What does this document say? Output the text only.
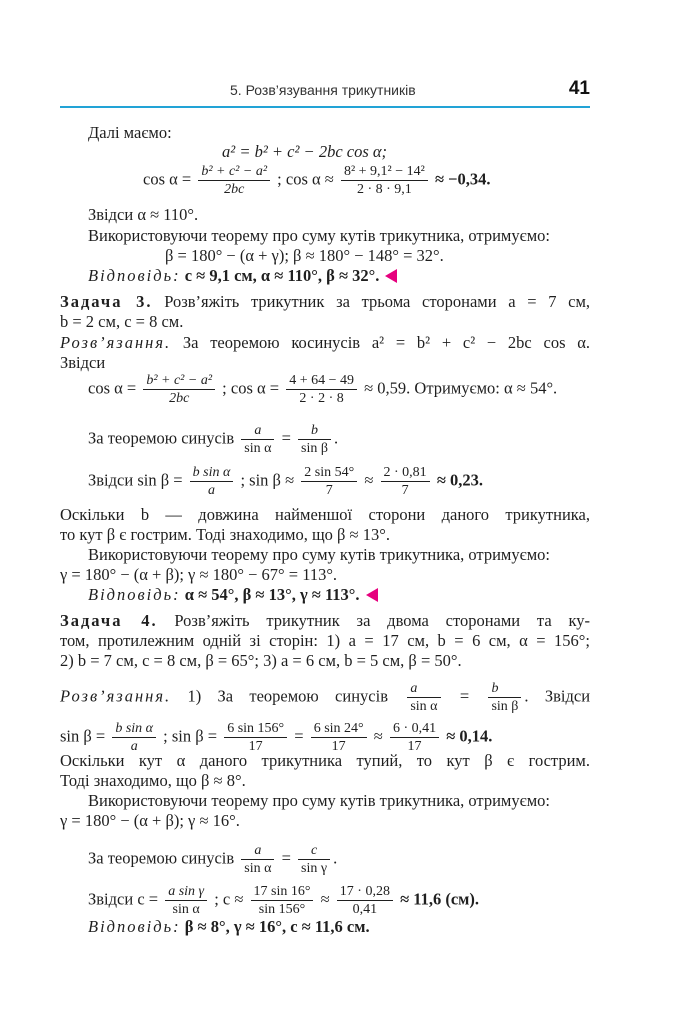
5. Розв’язування трикутників	41
Далі маємо:
a² = b² + c² − 2bc cos α;
$\cos \alpha = \frac{\text{b² + c² − a²}}{2bc}$ ; $\cos \alpha \approx \frac{\text{8² + 9,1² − 14²}}{2 \cdot 8 \cdot 9,1} \approx -0,34$.
Звідси α ≈ 110°.
Використовуючи теорему про суму кутів трикутника, отримуємо:
β = 180° − (α + γ); β ≈ 180° − 148° = 32°.
Відповідь: c ≈ 9,1 см, α ≈ 110°, β ≈ 32°.
Задача 3. Розв’яжіть трикутник за трьома сторонами a = 7 см,
b = 2 см, c = 8 см.
Розв’язання. За теоремою косинусів a² = b² + c² − 2bc cos α.
Звідси
$\cos \alpha = \frac{\text{b² + c² − a²}}{2bc}$ ; $\cos \alpha = \frac{4 + 64 - 49}{2 \cdot 2 \cdot 8} \approx 0,59$. Отримуємо: α ≈ 54°.
За теоремою синусів $\frac{a}{\text{sin α}} = \frac{b}{\text{sin β}}$ .
Звідси $\sin \beta = \frac{\text{b sin α}}{a}$ ; $\sin \beta \approx \frac{2 \sin 54^\circ}{7} \approx \frac{2 \cdot 0,81}{7} \approx 0,23$.
Оскільки b — довжина найменшої сторони даного трикутника,
то кут β є гострим. Тоді знаходимо, що β ≈ 13°.
Використовуючи теорему про суму кутів трикутника, отримуємо:
γ = 180° − (α + β); γ ≈ 180° − 67° = 113°.
Відповідь: α ≈ 54°, β ≈ 13°, γ ≈ 113°.
Задача 4. Розв’яжіть трикутник за двома сторонами та ку-
том, протилежним одній зі сторін: 1) a = 17 см, b = 6 см, α = 156°;
2) b = 7 см, c = 8 см, β = 65°; 3) a = 6 см, b = 5 см, β = 50°.
Розв’язання. 1) За теоремою синусів $\frac{a}{\text{sin α}} = \frac{b}{\text{sin β}}$ . Звідси
$\sin \beta = \frac{\text{b sin α}}{a}$ ; $\sin \beta = \frac{6 \sin 156^\circ}{17} = \frac{6 \sin 24^\circ}{17} \approx \frac{6 \cdot 0,41}{17} \approx 0,14$.
Оскільки кут α даного трикутника тупий, то кут β є гострим.
Тоді знаходимо, що β ≈ 8°.
Використовуючи теорему про суму кутів трикутника, отримуємо:
γ = 180° − (α + β); γ ≈ 16°.
За теоремою синусів $\frac{a}{\text{sin α}} = \frac{c}{\text{sin γ}}$ .
Звідси $c = \frac{\text{a sin γ}}{\text{sin α}}$ ; $c \approx \frac{17 \sin 16^\circ}{\sin 156^\circ} \approx \frac{17 \cdot 0,28}{0,41} \approx 11,6$ (см).
Відповідь: β ≈ 8°, γ ≈ 16°, c ≈ 11,6 см.
